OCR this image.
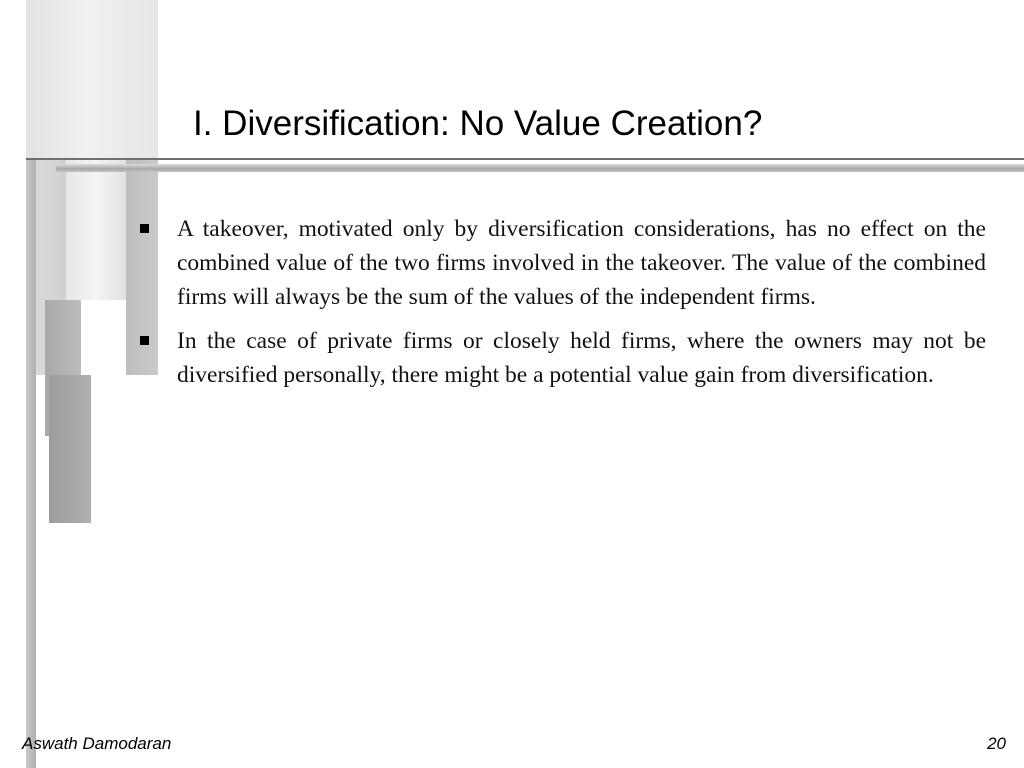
I. Diversification: No Value Creation?
A takeover, motivated only by diversification considerations, has no effect on the combined value of the two firms involved in the takeover. The value of the combined firms will always be the sum of the values of the independent firms.
In the case of private firms or closely held firms, where the owners may not be diversified personally, there might be a potential value gain from diversification.
Aswath Damodaran	20
